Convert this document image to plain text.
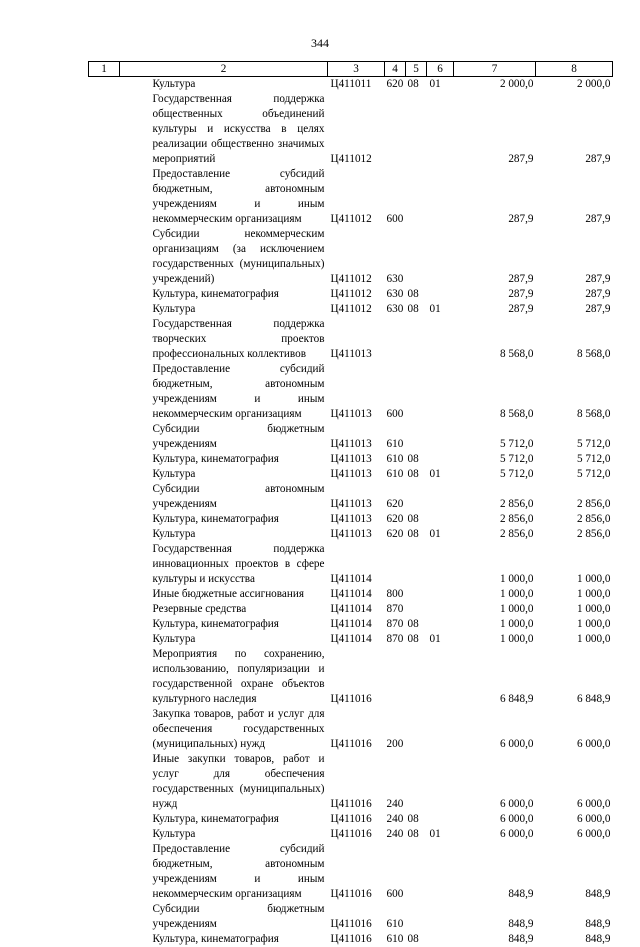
344
1	2	3	4	5	6	7	8
	Культура	Ц411011	620	08	01	2 000,0	2 000,0
	Государственная поддержка общественных объединений культуры и искусства в целях реализации общественно значимых мероприятий	Ц411012				287,9	287,9
	Предоставление субсидий бюджетным, автономным учреждениям и иным некоммерческим организациям	Ц411012	600			287,9	287,9
	Субсидии некоммерческим организациям (за исключением государственных (муниципальных) учреждений)	Ц411012	630			287,9	287,9
	Культура, кинематография	Ц411012	630	08		287,9	287,9
	Культура	Ц411012	630	08	01	287,9	287,9
	Государственная поддержка творческих проектов профессиональных коллективов	Ц411013				8 568,0	8 568,0
	Предоставление субсидий бюджетным, автономным учреждениям и иным некоммерческим организациям	Ц411013	600			8 568,0	8 568,0
	Субсидии бюджетным учреждениям	Ц411013	610			5 712,0	5 712,0
	Культура, кинематография	Ц411013	610	08		5 712,0	5 712,0
	Культура	Ц411013	610	08	01	5 712,0	5 712,0
	Субсидии автономным учреждениям	Ц411013	620			2 856,0	2 856,0
	Культура, кинематография	Ц411013	620	08		2 856,0	2 856,0
	Культура	Ц411013	620	08	01	2 856,0	2 856,0
	Государственная поддержка инновационных проектов в сфере культуры и искусства	Ц411014				1 000,0	1 000,0
	Иные бюджетные ассигнования	Ц411014	800			1 000,0	1 000,0
	Резервные средства	Ц411014	870			1 000,0	1 000,0
	Культура, кинематография	Ц411014	870	08		1 000,0	1 000,0
	Культура	Ц411014	870	08	01	1 000,0	1 000,0
	Мероприятия по сохранению, использованию, популяризации и государственной охране объектов культурного наследия	Ц411016				6 848,9	6 848,9
	Закупка товаров, работ и услуг для обеспечения государственных (муниципальных) нужд	Ц411016	200			6 000,0	6 000,0
	Иные закупки товаров, работ и услуг для обеспечения государственных (муниципальных) нужд	Ц411016	240			6 000,0	6 000,0
	Культура, кинематография	Ц411016	240	08		6 000,0	6 000,0
	Культура	Ц411016	240	08	01	6 000,0	6 000,0
	Предоставление субсидий бюджетным, автономным учреждениям и иным некоммерческим организациям	Ц411016	600			848,9	848,9
	Субсидии бюджетным учреждениям	Ц411016	610			848,9	848,9
	Культура, кинематография	Ц411016	610	08		848,9	848,9
